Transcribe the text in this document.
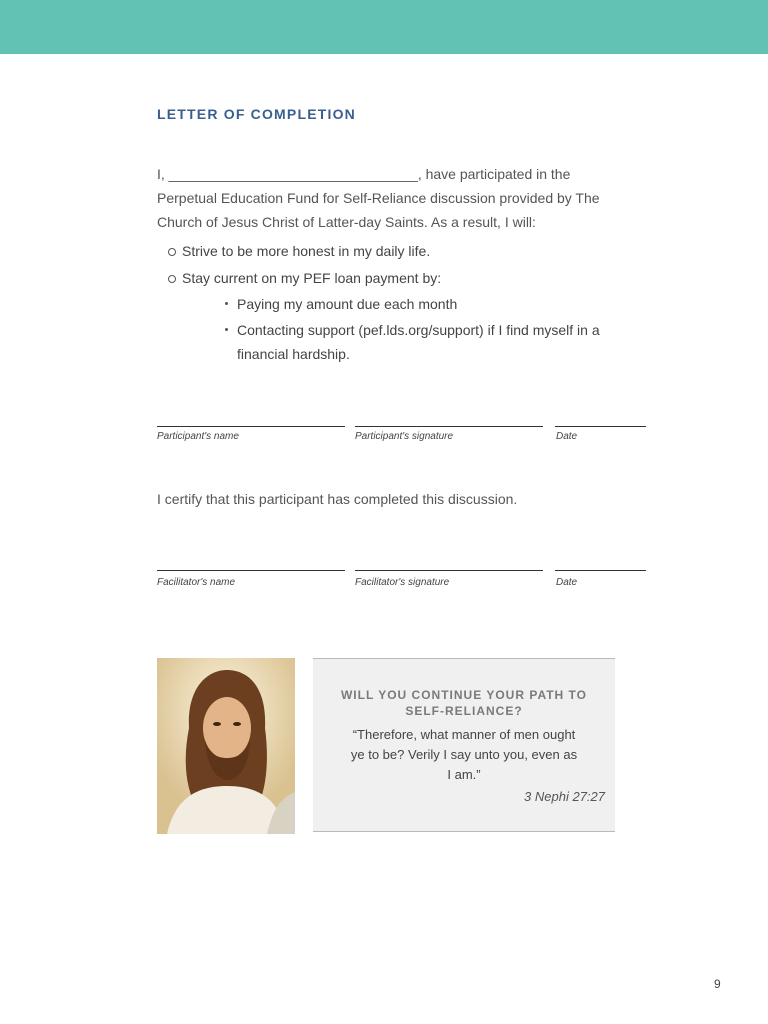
LETTER OF COMPLETION
I, ________________________________, have participated in the Perpetual Education Fund for Self-Reliance discussion provided by The Church of Jesus Christ of Latter-day Saints. As a result, I will:
Strive to be more honest in my daily life.
Stay current on my PEF loan payment by:
Paying my amount due each month
Contacting support (pef.lds.org/support) if I find myself in a financial hardship.
Participant's name	Participant's signature	Date
I certify that this participant has completed this discussion.
Facilitator's name	Facilitator's signature	Date
WILL YOU CONTINUE YOUR PATH TO SELF-RELIANCE?
“Therefore, what manner of men ought ye to be? Verily I say unto you, even as I am.”
3 Nephi 27:27
9
